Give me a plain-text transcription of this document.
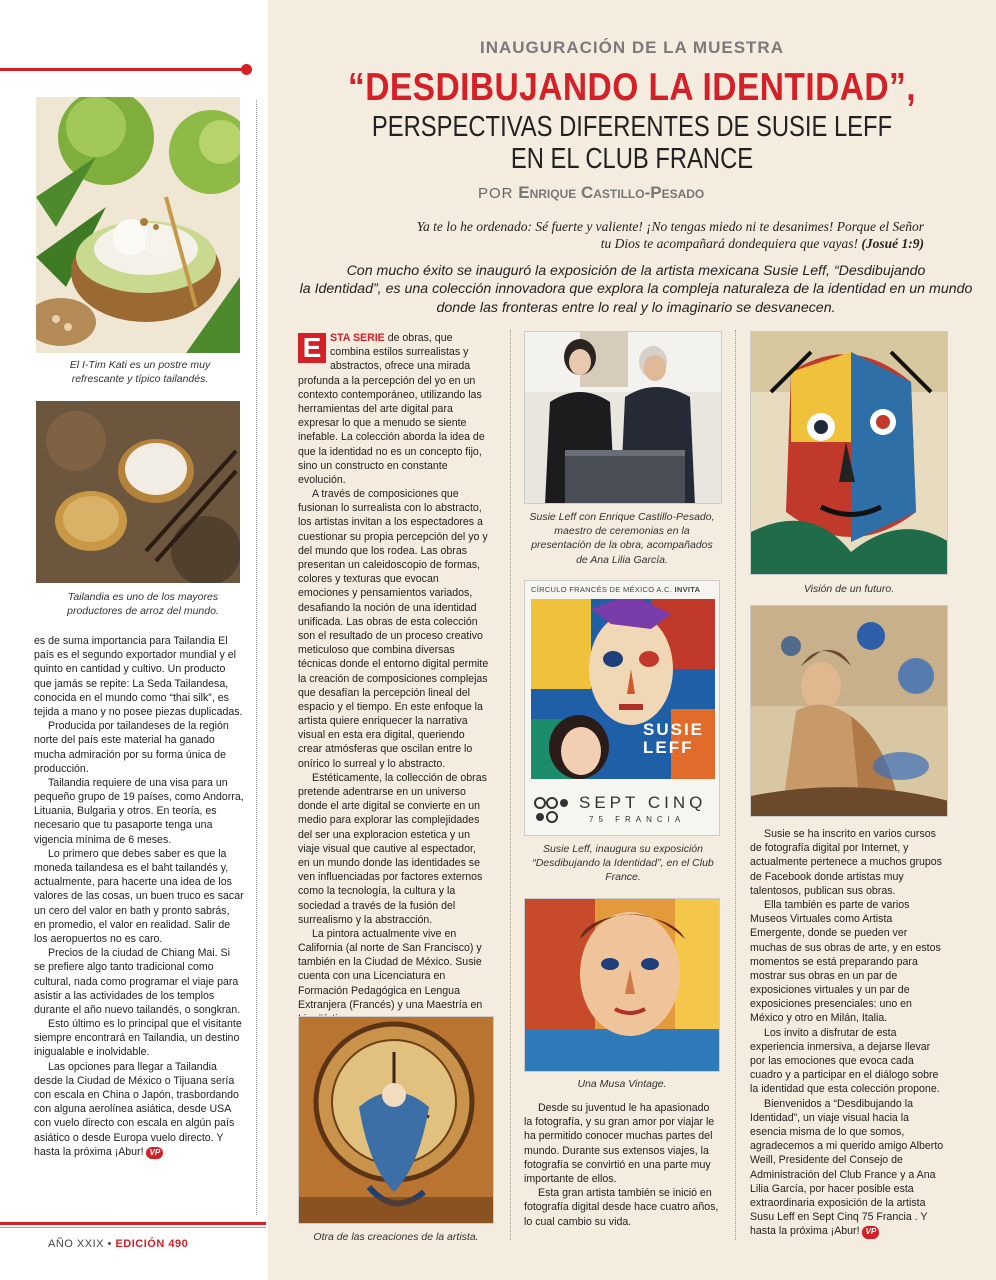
El I-Tim Kati es un postre muy refrescante y típico tailandés.
Tailandia es uno de los mayores productores de arroz del mundo.

es de suma importancia para Tailandia El país es el segundo exportador mundial y el quinto en cantidad y cultivo. Un producto que jamás se repite: La Seda Tailandesa, conocida en el mundo como “thai silk”, es tejida a mano y no posee piezas duplicadas.

Producida por tailandeses de la región norte del país este material ha ganado mucha admiración por su forma única de producción.

Tailandia requiere de una visa para un pequeño grupo de 19 países, como Andorra, Lituania, Bulgaria y otros. En teoría, es necesario que tu pasaporte tenga una vigencia mínima de 6 meses.

Lo primero que debes saber es que la moneda tailandesa es el baht tailandés y, actualmente, para hacerte una idea de los valores de las cosas, un buen truco es sacar un cero del valor en bath y pronto sabrás, en promedio, el valor en realidad. Salir de los aeropuertos no es caro.

Precios de la ciudad de Chiang Mai. Si se prefiere algo tanto tradicional como cultural, nada como programar el viaje para asistir a las actividades de los templos durante el año nuevo tailandés, o songkran.

Esto último es lo principal que el visitante siempre encontrará en Tailandia, un destino inigualable e inolvidable.

Las opciones para llegar a Tailandia desde la Ciudad de México o Tijuana sería con escala en China o Japón, trasbordando con alguna aerolínea asiática, desde USA con vuelo directo con escala en algún país asiático o desde Europa vuelo directo. Y hasta la próxima ¡Abur! VP

AÑO XXIX • EDICIÓN 490
INAUGURACIÓN DE LA MUESTRA
“DESDIBUJANDO LA IDENTIDAD”,
PERSPECTIVAS DIFERENTES DE SUSIE LEFF
EN EL CLUB FRANCE
POR Enrique Castillo-Pesado
Ya te lo he ordenado: Sé fuerte y valiente! ¡No tengas miedo ni te desanimes! Porque el Señor
tu Dios te acompañará dondequiera que vayas! (Josué 1:9)
Con mucho éxito se inauguró la exposición de la artista mexicana Susie Leff, “Desdibujando
la Identidad”, es una colección innovadora que explora la compleja naturaleza de la identidad en un mundo
donde las fronteras entre lo real y lo imaginario se desvanecen.

E STA SERIE de obras, que combina estilos surrealistas y abstractos, ofrece una mirada profunda a la percepción del yo en un contexto contemporáneo, utilizando las herramientas del arte digital para expresar lo que a menudo se siente inefable. La colección aborda la idea de que la identidad no es un concepto fijo, sino un constructo en constante evolución.

A través de composiciones que fusionan lo surrealista con lo abstracto, los artistas invitan a los espectadores a cuestionar su propia percepción del yo y del mundo que los rodea. Las obras presentan un caleidoscopio de formas, colores y texturas que evocan emociones y pensamientos variados, desafiando la noción de una identidad unificada. Las obras de esta colección son el resultado de un proceso creativo meticuloso que combina diversas técnicas donde el entorno digital permite la creación de composiciones complejas que desafían la percepción lineal del espacio y el tiempo. En este enfoque la artista quiere enriquecer la narrativa visual en esta era digital, queriendo crear atmósferas que oscilan entre lo onírico lo surreal y lo abstracto.

Estéticamente, la collección de obras pretende adentrarse en un universo donde el arte digital se convierte en un medio para explorar las complejidades del ser una exploracion estetica y un viaje visual que cautive al espectador, en un mundo donde las identidades se ven influenciadas por factores externos como la tecnología, la cultura y la sociedad a través de la fusión del surrealismo y la abstracción.

La pintora actualmente vive en California (al norte de San Francisco) y también en la Ciudad de México. Susie cuenta con una Licenciatura en Formación Pedagógica en Lengua Extranjera (Francés) y una Maestría en

Otra de las creaciones de la artista.
Susie Leff con Enrique Castillo-Pesado, maestro de ceremonias en la presentación de la obra, acompañados de Ana Lilia García.
CÍRCULO FRANCÉS DE MÉXICO A.C. INVITA
SUSIE
LEFF
SEPT CINQ
75 FRANCIA
Susie Leff, inaugura su exposición “Desdibujando la Identidad”, en el Club France.
Una Musa Vintage.

Desde su juventud le ha apasionado la fotografía, y su gran amor por viajar le ha permitido conocer muchas partes del mundo. Durante sus extensos viajes, la fotografía se convirtió en una parte muy importante de ellos.

Esta gran artista también se inició en fotografía digital desde hace cuatro años, lo cual cambio su vida.

Visión de un futuro.

Susie se ha inscrito en varios cursos de fotografía digital por Internet, y actualmente pertenece a muchos grupos de Facebook donde artistas muy talentosos, publican sus obras.

Ella también es parte de varios Museos Virtuales como Artista Emergente, donde se pueden ver muchas de sus obras de arte, y en estos momentos se está preparando para mostrar sus obras en un par de exposiciones virtuales y un par de exposiciones presenciales: uno en México y otro en Milán, Italia.

Los invito a disfrutar de esta experiencia inmersiva, a dejarse llevar por las emociones que evoca cada cuadro y a participar en el diálogo sobre la identidad que esta colección propone.

Bienvenidos a “Desdibujando la Identidad”, un viaje visual hacia la esencia misma de lo que somos, agradecemos a mi querido amigo Alberto Weill, Presidente del Consejo de Administración del Club France y a Ana Lilia García, por hacer posible esta extraordinaria exposición de la artista Susu Leff en Sept Cinq 75 Francia . Y hasta la próxima ¡Abur! VP
